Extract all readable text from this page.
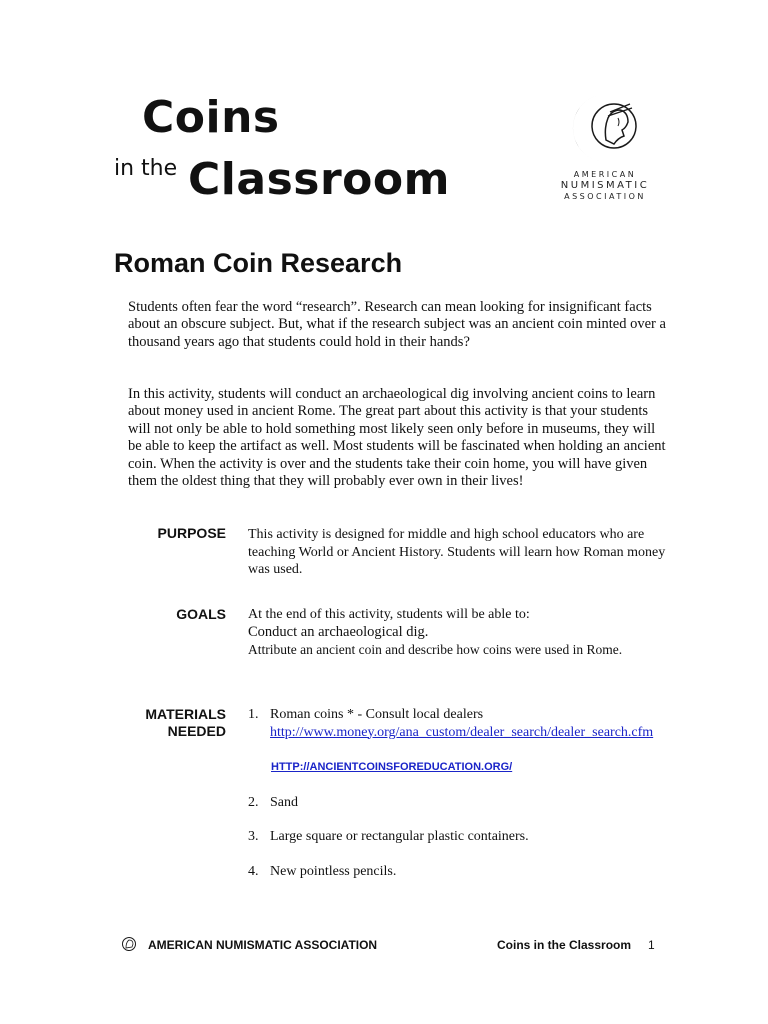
Coins
in the Classroom	AMERICAN
NUMISMATIC
ASSOCIATION
Roman Coin Research
Students often fear the word “research”. Research can mean looking for insignificant facts about an obscure subject. But, what if the research subject was an ancient coin minted over a thousand years ago that students could hold in their hands?
In this activity, students will conduct an archaeological dig involving ancient coins to learn about money used in ancient Rome. The great part about this activity is that your students will not only be able to hold something most likely seen only before in museums, they will be able to keep the artifact as well. Most students will be fascinated when holding an ancient coin. When the activity is over and the students take their coin home, you will have given them the oldest thing that they will probably ever own in their lives!
PURPOSE This activity is designed for middle and high school educators who are teaching World or Ancient History. Students will learn how Roman money was used.
GOALS At the end of this activity, students will be able to:
Conduct an archaeological dig.
Attribute an ancient coin and describe how coins were used in Rome.
MATERIALS
NEEDED
1. Roman coins * - Consult local dealers
http://www.money.org/ana_custom/dealer_search/dealer_search.cfm
HTTP://ANCIENTCOINSFOREDUCATION.ORG/
2. Sand
3. Large square or rectangular plastic containers.
4. New pointless pencils.
AMERICAN NUMISMATIC ASSOCIATION	Coins in the Classroom 1
